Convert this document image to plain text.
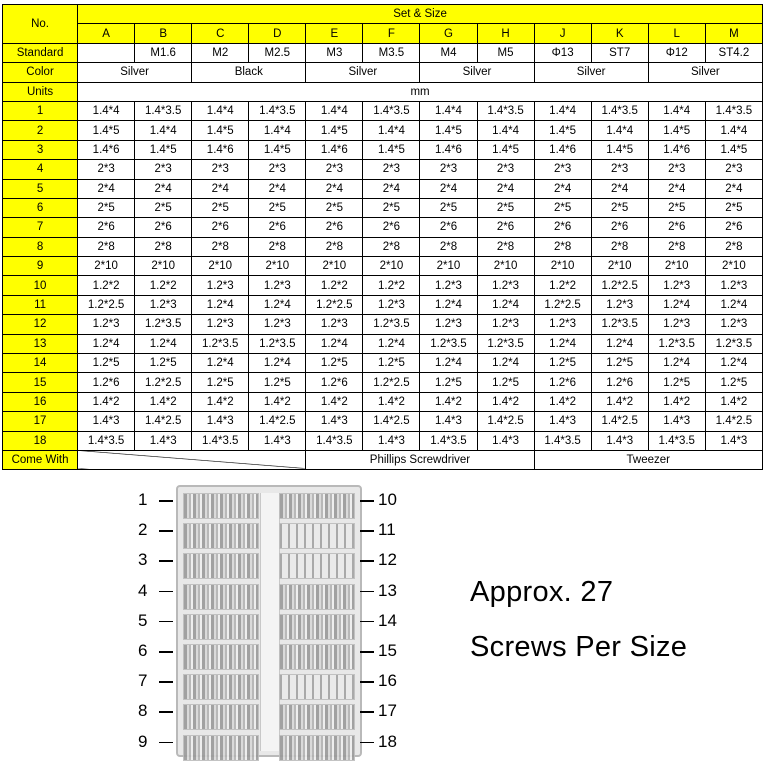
No.	Set & Size											
	A	B	C	D	E	F	G	H	J	K	L	M
Standard		M1.6	M2	M2.5	M3	M3.5	M4	M5	Φ13	ST7	Φ12	ST4.2
Color	Silver		Black		Silver		Silver		Silver		Silver	
Units	mm											
1	1.4*4	1.4*3.5	1.4*4	1.4*3.5	1.4*4	1.4*3.5	1.4*4	1.4*3.5	1.4*4	1.4*3.5	1.4*4	1.4*3.5
2	1.4*5	1.4*4	1.4*5	1.4*4	1.4*5	1.4*4	1.4*5	1.4*4	1.4*5	1.4*4	1.4*5	1.4*4
3	1.4*6	1.4*5	1.4*6	1.4*5	1.4*6	1.4*5	1.4*6	1.4*5	1.4*6	1.4*5	1.4*6	1.4*5
4	2*3	2*3	2*3	2*3	2*3	2*3	2*3	2*3	2*3	2*3	2*3	2*3
5	2*4	2*4	2*4	2*4	2*4	2*4	2*4	2*4	2*4	2*4	2*4	2*4
6	2*5	2*5	2*5	2*5	2*5	2*5	2*5	2*5	2*5	2*5	2*5	2*5
7	2*6	2*6	2*6	2*6	2*6	2*6	2*6	2*6	2*6	2*6	2*6	2*6
8	2*8	2*8	2*8	2*8	2*8	2*8	2*8	2*8	2*8	2*8	2*8	2*8
9	2*10	2*10	2*10	2*10	2*10	2*10	2*10	2*10	2*10	2*10	2*10	2*10
10	1.2*2	1.2*2	1.2*3	1.2*3	1.2*2	1.2*2	1.2*3	1.2*3	1.2*2	1.2*2.5	1.2*3	1.2*3
11	1.2*2.5	1.2*3	1.2*4	1.2*4	1.2*2.5	1.2*3	1.2*4	1.2*4	1.2*2.5	1.2*3	1.2*4	1.2*4
12	1.2*3	1.2*3.5	1.2*3	1.2*3	1.2*3	1.2*3.5	1.2*3	1.2*3	1.2*3	1.2*3.5	1.2*3	1.2*3
13	1.2*4	1.2*4	1.2*3.5	1.2*3.5	1.2*4	1.2*4	1.2*3.5	1.2*3.5	1.2*4	1.2*4	1.2*3.5	1.2*3.5
14	1.2*5	1.2*5	1.2*4	1.2*4	1.2*5	1.2*5	1.2*4	1.2*4	1.2*5	1.2*5	1.2*4	1.2*4
15	1.2*6	1.2*2.5	1.2*5	1.2*5	1.2*6	1.2*2.5	1.2*5	1.2*5	1.2*6	1.2*6	1.2*5	1.2*5
16	1.4*2	1.4*2	1.4*2	1.4*2	1.4*2	1.4*2	1.4*2	1.4*2	1.4*2	1.4*2	1.4*2	1.4*2
17	1.4*3	1.4*2.5	1.4*3	1.4*2.5	1.4*3	1.4*2.5	1.4*3	1.4*2.5	1.4*3	1.4*2.5	1.4*3	1.4*2.5
18	1.4*3.5	1.4*3	1.4*3.5	1.4*3	1.4*3.5	1.4*3	1.4*3.5	1.4*3	1.4*3.5	1.4*3	1.4*3.5	1.4*3
Come With					Phillips Screwdriver				Tweezer			
1	10
2	11
3	12
4	13
5	14
6	15
7	16
8	17
9	18
Approx. 27
Screws Per Size
